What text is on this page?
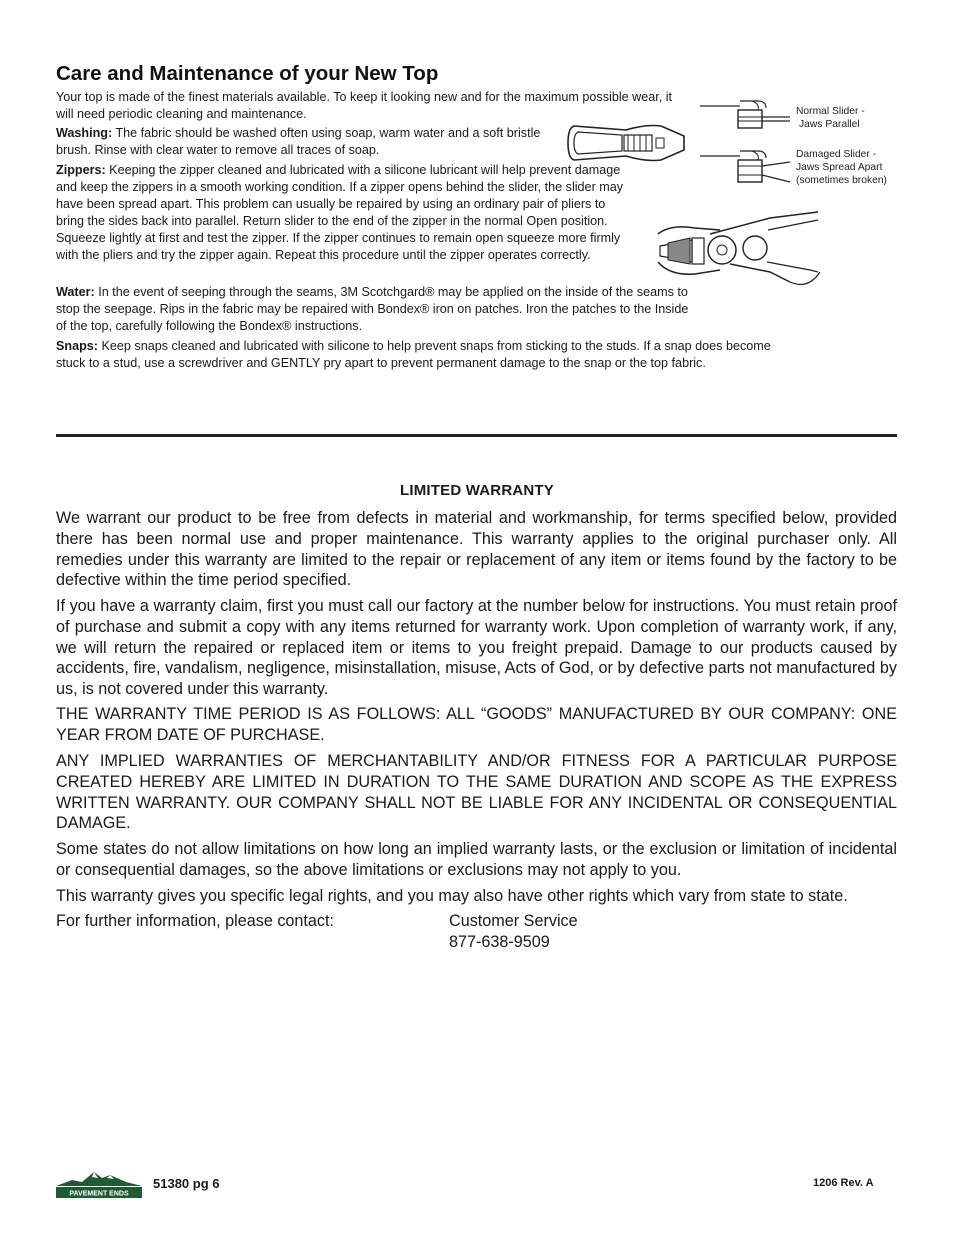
Care and Maintenance of your New Top

Your top is made of the finest materials available. To keep it looking new and for the maximum possible wear, it will need periodic cleaning and maintenance.

Washing: The fabric should be washed often using soap, warm water and a soft bristle brush. Rinse with clear water to remove all traces of soap.

Zippers: Keeping the zipper cleaned and lubricated with a silicone lubricant will help prevent damage and keep the zippers in a smooth working condition. If a zipper opens behind the slider, the slider may have been spread apart. This problem can usually be repaired by using an ordinary pair of pliers to bring the sides back into parallel. Return slider to the end of the zipper in the normal Open position. Squeeze lightly at first and test the zipper. If the zipper continues to remain open squeeze more firmly with the pliers and try the zipper again. Repeat this procedure until the zipper operates correctly.

Water: In the event of seeping through the seams, 3M Scotchgard® may be applied on the inside of the seams to stop the seepage. Rips in the fabric may be repaired with Bondex® iron on patches. Iron the patches to the Inside of the top, carefully following the Bondex® instructions.

Snaps: Keep snaps cleaned and lubricated with silicone to help prevent snaps from sticking to the studs. If a snap does become stuck to a stud, use a screwdriver and GENTLY pry apart to prevent permanent damage to the snap or the top fabric.

Normal Slider -
Jaws Parallel
Damaged Slider -
Jaws Spread Apart
(sometimes broken)
LIMITED WARRANTY

We warrant our product to be free from defects in material and workmanship, for terms specified below, provided there has been normal use and proper maintenance. This warranty applies to the original purchaser only. All remedies under this warranty are limited to the repair or replacement of any item or items found by the factory to be defective within the time period specified.

If you have a warranty claim, first you must call our factory at the number below for instructions. You must retain proof of purchase and submit a copy with any items returned for warranty work. Upon completion of warranty work, if any, we will return the repaired or replaced item or items to you freight prepaid. Damage to our products caused by accidents, fire, vandalism, negligence, misinstallation, misuse, Acts of God, or by defective parts not manufactured by us, is not covered under this warranty.

THE WARRANTY TIME PERIOD IS AS FOLLOWS: ALL “GOODS” MANUFACTURED BY OUR COMPANY: ONE YEAR FROM DATE OF PURCHASE.

ANY IMPLIED WARRANTIES OF MERCHANTABILITY AND/OR FITNESS FOR A PARTICULAR PURPOSE CREATED HEREBY ARE LIMITED IN DURATION TO THE SAME DURATION AND SCOPE AS THE EXPRESS WRITTEN WARRANTY. OUR COMPANY SHALL NOT BE LIABLE FOR ANY INCIDENTAL OR CONSEQUENTIAL DAMAGE.

Some states do not allow limitations on how long an implied warranty lasts, or the exclusion or limitation of incidental or consequential damages, so the above limitations or exclusions may not apply to you.

This warranty gives you specific legal rights, and you may also have other rights which vary from state to state.

For further information, please contact:	Customer Service

877-638-9509

PAVEMENT ENDS

51380 pg 6	1206 Rev. A
